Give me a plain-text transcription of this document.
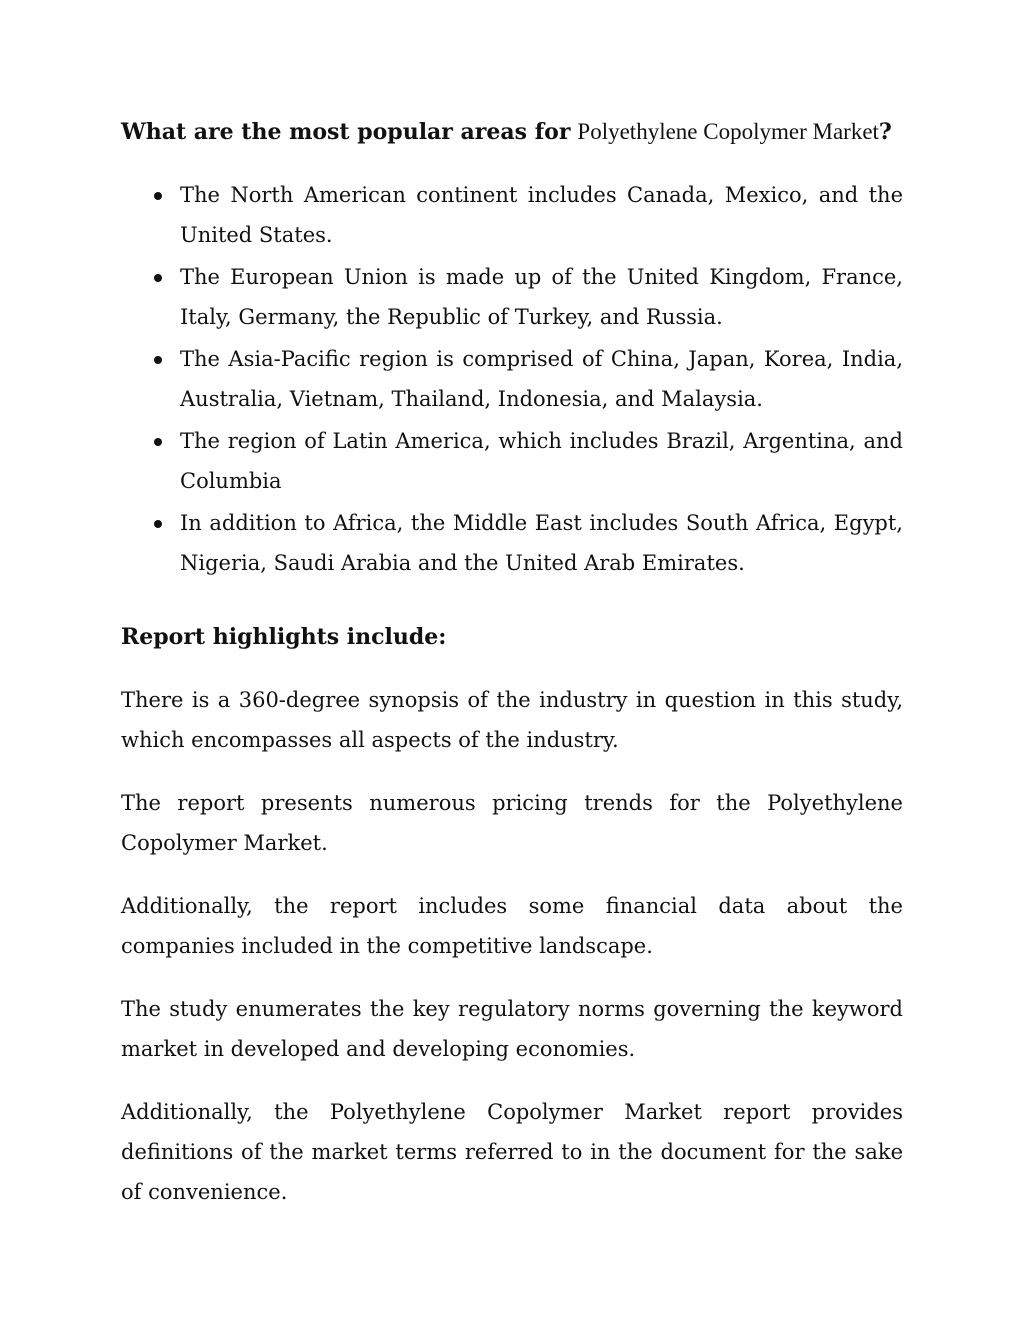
What are the most popular areas for Polyethylene Copolymer Market?

The North American continent includes Canada, Mexico, and the United States.
The European Union is made up of the United Kingdom, France, Italy, Germany, the Republic of Turkey, and Russia.
The Asia-Pacific region is comprised of China, Japan, Korea, India, Australia, Vietnam, Thailand, Indonesia, and Malaysia.
The region of Latin America, which includes Brazil, Argentina, and Columbia
In addition to Africa, the Middle East includes South Africa, Egypt, Nigeria, Saudi Arabia and the United Arab Emirates.

Report highlights include:

There is a 360-degree synopsis of the industry in question in this study, which encompasses all aspects of the industry.

The report presents numerous pricing trends for the Polyethylene Copolymer Market.

Additionally, the report includes some financial data about the companies included in the competitive landscape.

The study enumerates the key regulatory norms governing the keyword market in developed and developing economies.

Additionally, the Polyethylene Copolymer Market report provides definitions of the market terms referred to in the document for the sake of convenience.
